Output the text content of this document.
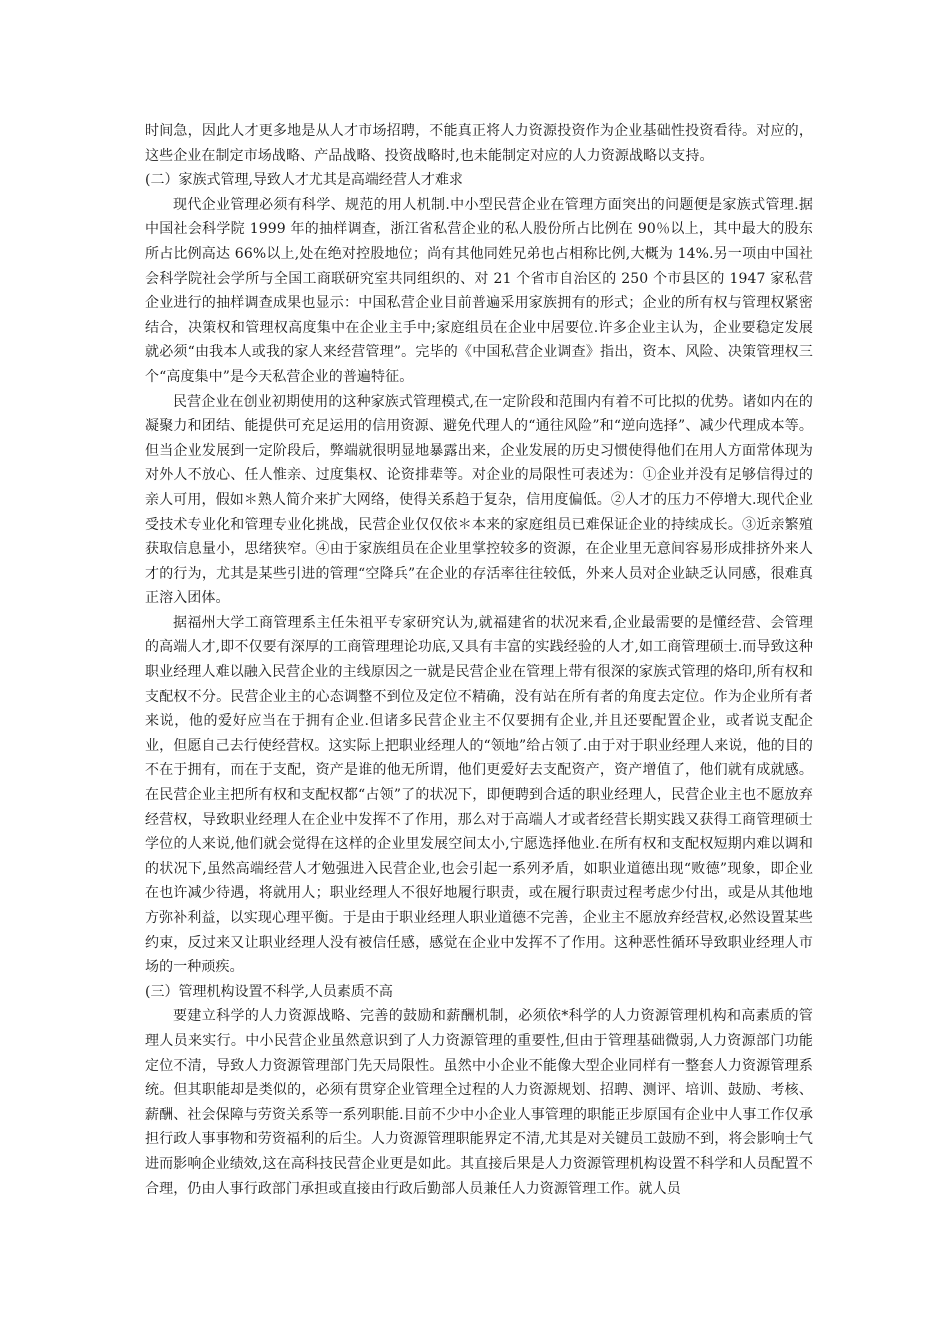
时间急，因此人才更多地是从人才市场招聘，不能真正将人力资源投资作为企业基础性投资看待。对应的，这些企业在制定市场战略、产品战略、投资战略时,也未能制定对应的人力资源战略以支持。

(二）家族式管理,导致人才尤其是高端经营人才难求

现代企业管理必须有科学、规范的用人机制.中小型民营企业在管理方面突出的问题便是家族式管理.据中国社会科学院 1999 年的抽样调查，浙江省私营企业的私人股份所占比例在 90％以上，其中最大的股东所占比例高达 66%以上,处在绝对控股地位；尚有其他同姓兄弟也占相称比例,大概为 14%.另一项由中国社会科学院社会学所与全国工商联研究室共同组织的、对 21 个省市自治区的 250 个市县区的 1947 家私营企业进行的抽样调查成果也显示：中国私营企业目前普遍采用家族拥有的形式；企业的所有权与管理权紧密结合，决策权和管理权高度集中在企业主手中;家庭组员在企业中居要位.许多企业主认为，企业要稳定发展就必须“由我本人或我的家人来经营管理”。完毕的《中国私营企业调查》指出，资本、风险、决策管理权三个“高度集中”是今天私营企业的普遍特征。

民营企业在创业初期使用的这种家族式管理模式,在一定阶段和范围内有着不可比拟的优势。诸如内在的凝聚力和团结、能提供可充足运用的信用资源、避免代理人的“通往风险”和“逆向选择”、减少代理成本等。但当企业发展到一定阶段后，弊端就很明显地暴露出来，企业发展的历史习惯使得他们在用人方面常体现为对外人不放心、任人惟亲、过度集权、论资排辈等。对企业的局限性可表述为：①企业并没有足够信得过的亲人可用，假如＊熟人简介来扩大网络，使得关系趋于复杂，信用度偏低。②人才的压力不停增大.现代企业受技术专业化和管理专业化挑战，民营企业仅仅依＊本来的家庭组员已难保证企业的持续成长。③近亲繁殖获取信息量小，思绪狭窄。④由于家族组员在企业里掌控较多的资源，在企业里无意间容易形成排挤外来人才的行为，尤其是某些引进的管理“空降兵”在企业的存活率往往较低，外来人员对企业缺乏认同感，很难真正溶入团体。

据福州大学工商管理系主任朱祖平专家研究认为,就福建省的状况来看,企业最需要的是懂经营、会管理的高端人才,即不仅要有深厚的工商管理理论功底,又具有丰富的实践经验的人才,如工商管理硕士.而导致这种职业经理人难以融入民营企业的主线原因之一就是民营企业在管理上带有很深的家族式管理的烙印,所有权和支配权不分。民营企业主的心态调整不到位及定位不精确，没有站在所有者的角度去定位。作为企业所有者来说，他的爱好应当在于拥有企业.但诸多民营企业主不仅要拥有企业,并且还要配置企业，或者说支配企业，但愿自己去行使经营权。这实际上把职业经理人的“领地”给占领了.由于对于职业经理人来说，他的目的不在于拥有，而在于支配，资产是谁的他无所谓，他们更爱好去支配资产，资产增值了，他们就有成就感。在民营企业主把所有权和支配权都“占领”了的状况下，即便聘到合适的职业经理人，民营企业主也不愿放弃经营权，导致职业经理人在企业中发挥不了作用，那么对于高端人才或者经营长期实践又获得工商管理硕士学位的人来说,他们就会觉得在这样的企业里发展空间太小,宁愿选择他业.在所有权和支配权短期内难以调和的状况下,虽然高端经营人才勉强进入民营企业,也会引起一系列矛盾，如职业道德出现“败德”现象，即企业在也许减少待遇，将就用人；职业经理人不很好地履行职责，或在履行职责过程考虑少付出，或是从其他地方弥补利益，以实现心理平衡。于是由于职业经理人职业道德不完善，企业主不愿放弃经营权,必然设置某些约束，反过来又让职业经理人没有被信任感，感觉在企业中发挥不了作用。这种恶性循环导致职业经理人市场的一种顽疾。

(三）管理机构设置不科学,人员素质不高

要建立科学的人力资源战略、完善的鼓励和薪酬机制，必须依*科学的人力资源管理机构和高素质的管理人员来实行。中小民营企业虽然意识到了人力资源管理的重要性,但由于管理基础微弱,人力资源部门功能定位不清，导致人力资源管理部门先天局限性。虽然中小企业不能像大型企业同样有一整套人力资源管理系统。但其职能却是类似的，必须有贯穿企业管理全过程的人力资源规划、招聘、测评、培训、鼓励、考核、薪酬、社会保障与劳资关系等一系列职能.目前不少中小企业人事管理的职能正步原国有企业中人事工作仅承担行政人事事物和劳资福利的后尘。人力资源管理职能界定不清,尤其是对关键员工鼓励不到，将会影响士气进而影响企业绩效,这在高科技民营企业更是如此。其直接后果是人力资源管理机构设置不科学和人员配置不合理，仍由人事行政部门承担或直接由行政后勤部人员兼任人力资源管理工作。就人员
